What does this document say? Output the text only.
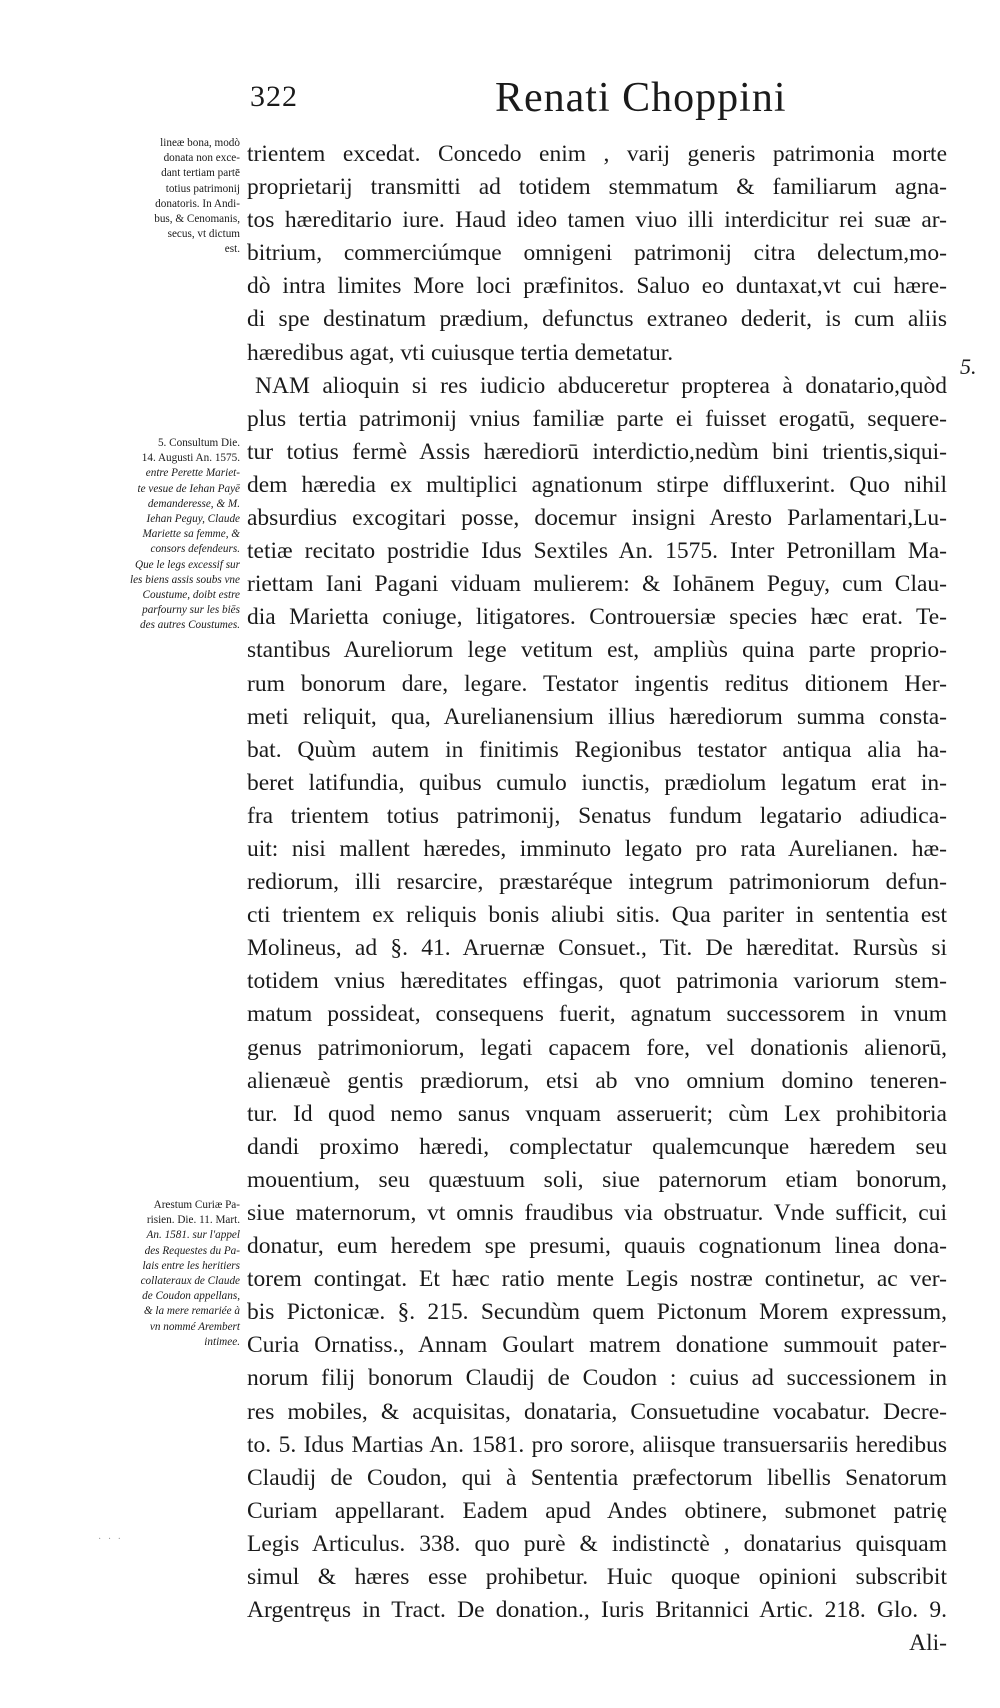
322	Renati Choppini
lineæ bona, modò
donata non exce-
dant tertiam partē
totius patrimonij
donatoris. In Andi-
bus, & Cenomanis,
secus, vt dictum
est.
5. Consultum Die.
14. Augusti An. 1575.
entre Perette Mariet-
te vesue de Iehan Payē
demanderesse, & M.
Iehan Peguy, Claude
Mariette sa femme, &
consors defendeurs.
Que le legs excessif sur
les biens assis soubs vne
Coustume, doibt estre
parfourny sur les biēs
des autres Coustumes.
Arestum Curiæ Pa-
risien. Die. 11. Mart.
An. 1581. sur l'appel
des Requestes du Pa-
lais entre les heritiers
collateraux de Claude
de Coudon appellans,
& la mere remariée à
vn nommé Arembert
intimee.
5.
trientem excedat. Concedo enim , varij generis patrimonia morte
proprietarij transmitti ad totidem stemmatum & familiarum agna-
tos hæreditario iure. Haud ideo tamen viuo illi interdicitur rei suæ ar-
bitrium, commerciúmque omnigeni patrimonij citra delectum,mo-
dò intra limites More loci præfinitos. Saluo eo duntaxat,vt cui hære-
di spe destinatum prædium, defunctus extraneo dederit, is cum aliis
hæredibus agat, vti cuiusque tertia demetatur.
NAM alioquin si res iudicio abduceretur propterea à donatario,quòd
plus tertia patrimonij vnius familiæ parte ei fuisset erogatū, sequere-
tur totius fermè Assis hærediorū interdictio,nedùm bini trientis,siqui-
dem hæredia ex multiplici agnationum stirpe diffluxerint. Quo nihil
absurdius excogitari posse, docemur insigni Aresto Parlamentari,Lu-
tetiæ recitato postridie Idus Sextiles An. 1575. Inter Petronillam Ma-
riettam Iani Pagani viduam mulierem: & Iohānem Peguy, cum Clau-
dia Marietta coniuge, litigatores. Controuersiæ species hæc erat. Te-
stantibus Aureliorum lege vetitum est, ampliùs quina parte proprio-
rum bonorum dare, legare. Testator ingentis reditus ditionem Her-
meti reliquit, qua, Aurelianensium illius hærediorum summa consta-
bat. Quùm autem in finitimis Regionibus testator antiqua alia ha-
beret latifundia, quibus cumulo iunctis, prædiolum legatum erat in-
fra trientem totius patrimonij, Senatus fundum legatario adiudica-
uit: nisi mallent hæredes, imminuto legato pro rata Aurelianen. hæ-
rediorum, illi resarcire, præstaréque integrum patrimoniorum defun-
cti trientem ex reliquis bonis aliubi sitis. Qua pariter in sententia est
Molineus, ad §. 41. Aruernæ Consuet., Tit. De hæreditat. Rursùs si
totidem vnius hæreditates effingas, quot patrimonia variorum stem-
matum possideat, consequens fuerit, agnatum successorem in vnum
genus patrimoniorum, legati capacem fore, vel donationis alienorū,
alienæuè gentis prædiorum, etsi ab vno omnium domino teneren-
tur. Id quod nemo sanus vnquam asseruerit; cùm Lex prohibitoria
dandi proximo hæredi, complectatur qualemcunque hæredem seu
mouentium, seu quæstuum soli, siue paternorum etiam bonorum,
siue maternorum, vt omnis fraudibus via obstruatur. Vnde sufficit, cui
donatur, eum heredem spe presumi, quauis cognationum linea dona-
torem contingat. Et hæc ratio mente Legis nostræ continetur, ac ver-
bis Pictonicæ. §. 215. Secundùm quem Pictonum Morem expressum,
Curia Ornatiss., Annam Goulart matrem donatione summouit pater-
norum filij bonorum Claudij de Coudon : cuius ad successionem in
res mobiles, & acquisitas, donataria, Consuetudine vocabatur. Decre-
to. 5. Idus Martias An. 1581. pro sorore, aliisque transuersariis heredibus
Claudij de Coudon, qui à Sententia præfectorum libellis Senatorum
Curiam appellarant. Eadem apud Andes obtinere, submonet patrię
Legis Articulus. 338. quo purè & indistinctè , donatarius quisquam
simul & hæres esse prohibetur. Huic quoque opinioni subscribit
Argentręus in Tract. De donation., Iuris Britannici Artic. 218. Glo. 9.
Ali-
· · ·
